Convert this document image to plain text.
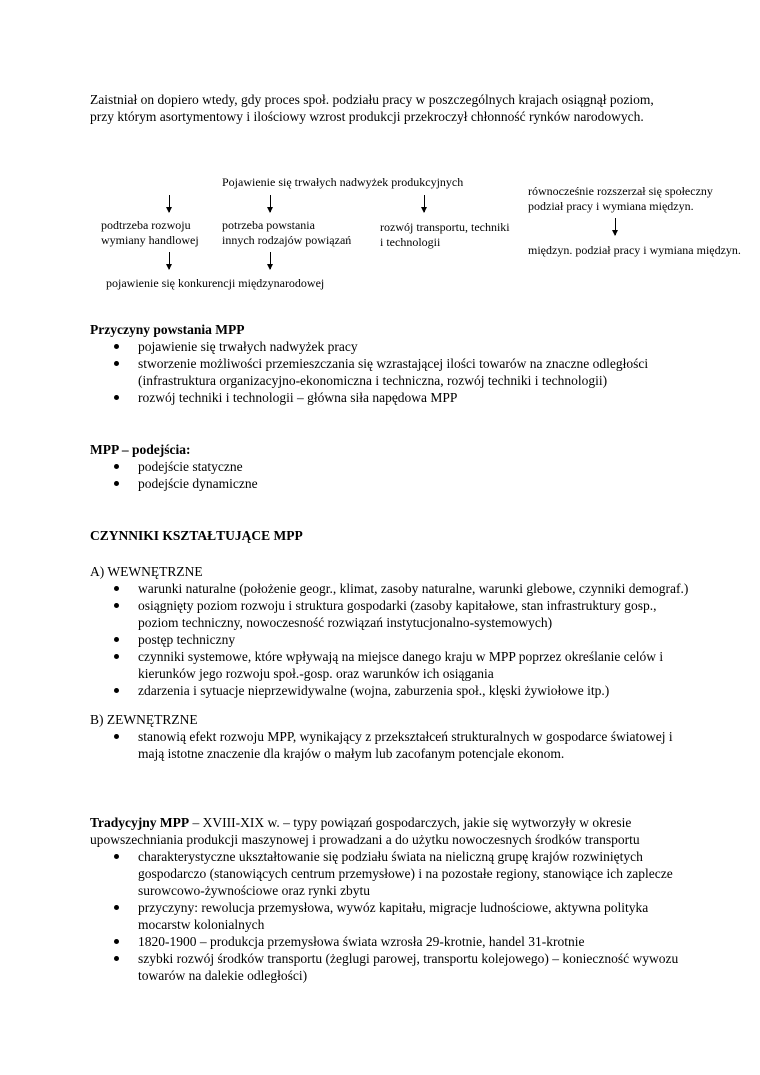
Zaistniał on dopiero wtedy, gdy proces społ. podziału pracy w poszczególnych krajach osiągnął poziom, przy którym asortymentowy i ilościowy wzrost produkcji przekroczył chłonność rynków narodowych.

Pojawienie się trwałych nadwyżek produkcyjnych
podtrzeba rozwoju
wymiany handlowej
potrzeba powstania
innych rodzajów powiązań
rozwój transportu, techniki
i technologii
pojawienie się konkurencji międzynarodowej
równocześnie rozszerzał się społeczny
podział pracy i wymiana międzyn.
międzyn. podział pracy i wymiana międzyn.

Przyczyny powstania MPP

pojawienie się trwałych nadwyżek pracy
stworzenie możliwości przemieszczania się wzrastającej ilości towarów na znaczne odległości (infrastruktura organizacyjno-ekonomiczna i techniczna, rozwój techniki i technologii)
rozwój techniki i technologii – główna siła napędowa MPP

MPP – podejścia:

podejście statyczne
podejście dynamiczne

CZYNNIKI KSZTAŁTUJĄCE MPP

A) WEWNĘTRZNE

warunki naturalne (położenie geogr., klimat, zasoby naturalne, warunki glebowe, czynniki demograf.)
osiągnięty poziom rozwoju i struktura gospodarki (zasoby kapitałowe, stan infrastruktury gosp., poziom techniczny, nowoczesność rozwiązań instytucjonalno-systemowych)
postęp techniczny
czynniki systemowe, które wpływają na miejsce danego kraju w MPP poprzez określanie celów i kierunków jego rozwoju społ.-gosp. oraz warunków ich osiągania
zdarzenia i sytuacje nieprzewidywalne (wojna, zaburzenia społ., klęski żywiołowe itp.)

B) ZEWNĘTRZNE

stanowią efekt rozwoju MPP, wynikający z przekształceń strukturalnych w gospodarce światowej i mają istotne znaczenie dla krajów o małym lub zacofanym potencjale ekonom.

Tradycyjny MPP – XVIII-XIX w. – typy powiązań gospodarczych, jakie się wytworzyły w okresie upowszechniania produkcji maszynowej i prowadzani a do użytku nowoczesnych środków transportu

charakterystyczne ukształtowanie się podziału świata na nieliczną grupę krajów rozwiniętych gospodarczo (stanowiących centrum przemysłowe) i na pozostałe regiony, stanowiące ich zaplecze surowcowo-żywnościowe oraz rynki zbytu
przyczyny: rewolucja przemysłowa, wywóz kapitału, migracje ludnościowe, aktywna polityka mocarstw kolonialnych
1820-1900 – produkcja przemysłowa świata wzrosła 29-krotnie, handel 31-krotnie
szybki rozwój środków transportu (żeglugi parowej, transportu kolejowego) – konieczność wywozu towarów na dalekie odległości)
